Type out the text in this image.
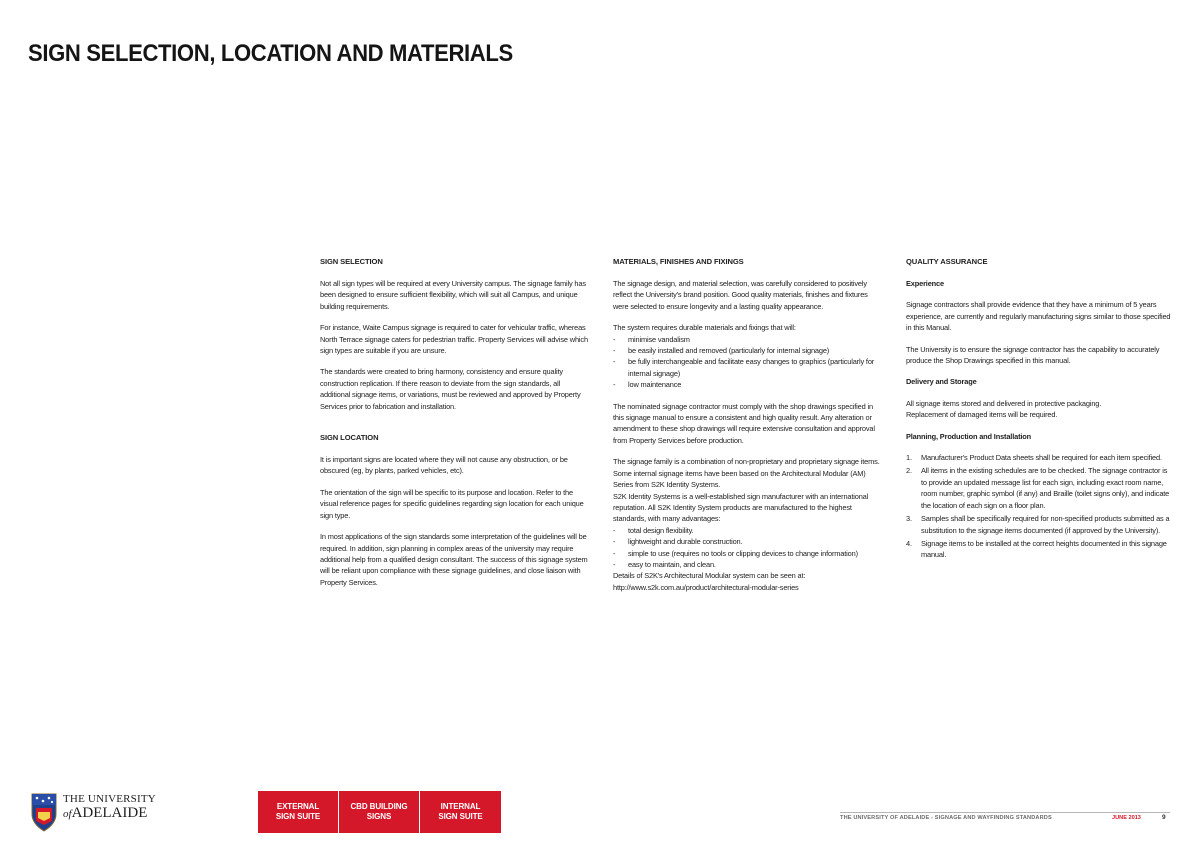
SIGN SELECTION, LOCATION AND MATERIALS
SIGN SELECTION

Not all sign types will be required at every University campus. The signage family has been designed to ensure sufficient flexibility, which will suit all Campus, and unique building requirements.

For instance, Waite Campus signage is required to cater for vehicular traffic, whereas North Terrace signage caters for pedestrian traffic. Property Services will advise which sign types are suitable if you are unsure.

The standards were created to bring harmony, consistency and ensure quality construction replication. If there reason to deviate from the sign standards, all additional signage items, or variations, must be reviewed and approved by Property Services prior to fabrication and installation.

SIGN LOCATION

It is important signs are located where they will not cause any obstruction, or be obscured (eg, by plants, parked vehicles, etc).

The orientation of the sign will be specific to its purpose and location. Refer to the visual reference pages for specific guidelines regarding sign location for each unique sign type.

In most applications of the sign standards some interpretation of the guidelines will be required. In addition, sign planning in complex areas of the university may require additional help from a qualified design consultant. The success of this signage system will be reliant upon compliance with these signage guidelines, and close liaison with Property Services.

MATERIALS, FINISHES AND FIXINGS

The signage design, and material selection, was carefully considered to positively reflect the University's brand position. Good quality materials, finishes and fixtures were selected to ensure longevity and a lasting quality appearance.

The system requires durable materials and fixings that will:

- minimise vandalism
- be easily installed and removed (particularly for internal signage)
- be fully interchangeable and facilitate easy changes to graphics (particularly for internal signage)
- low maintenance

The nominated signage contractor must comply with the shop drawings specified in this signage manual to ensure a consistent and high quality result. Any alteration or amendment to these shop drawings will require extensive consultation and approval from Property Services before production.

The signage family is a combination of non-proprietary and proprietary signage items. Some internal signage items have been based on the Architectural Modular (AM) Series from S2K Identity Systems.

S2K Identity Systems is a well-established sign manufacturer with an international reputation. All S2K Identity System products are manufactured to the highest standards, with many advantages:

- total design flexibility.
- lightweight and durable construction.
- simple to use (requires no tools or clipping devices to change information)
- easy to maintain, and clean.

Details of S2K's Architectural Modular system can be seen at:

http://www.s2k.com.au/product/architectural-modular-series

QUALITY ASSURANCE

Experience

Signage contractors shall provide evidence that they have a minimum of 5 years experience, are currently and regularly manufacturing signs similar to those specified in this Manual.

The University is to ensure the signage contractor has the capability to accurately produce the Shop Drawings specified in this manual.

Delivery and Storage

All signage items stored and delivered in protective packaging.

Replacement of damaged items will be required.

Planning, Production and Installation

1. Manufacturer's Product Data sheets shall be required for each item specified.
2. All items in the existing schedules are to be checked. The signage contractor is to provide an updated message list for each sign, including exact room name, room number, graphic symbol (if any) and Braille (toilet signs only), and indicate the location of each sign on a floor plan.
3. Samples shall be specifically required for non-specified products submitted as a substitution to the signage items documented (if approved by the University).
4. Signage items to be installed at the correct heights documented in this signage manual.
THE UNIVERSITY
ofADELAIDE	EXTERNAL SIGN SUITE
CBD BUILDING SIGNS
INTERNAL SIGN SUITE	THE UNIVERSITY OF ADELAIDE - SIGNAGE AND WAYFINDING STANDARDS	JUNE 2013	9
